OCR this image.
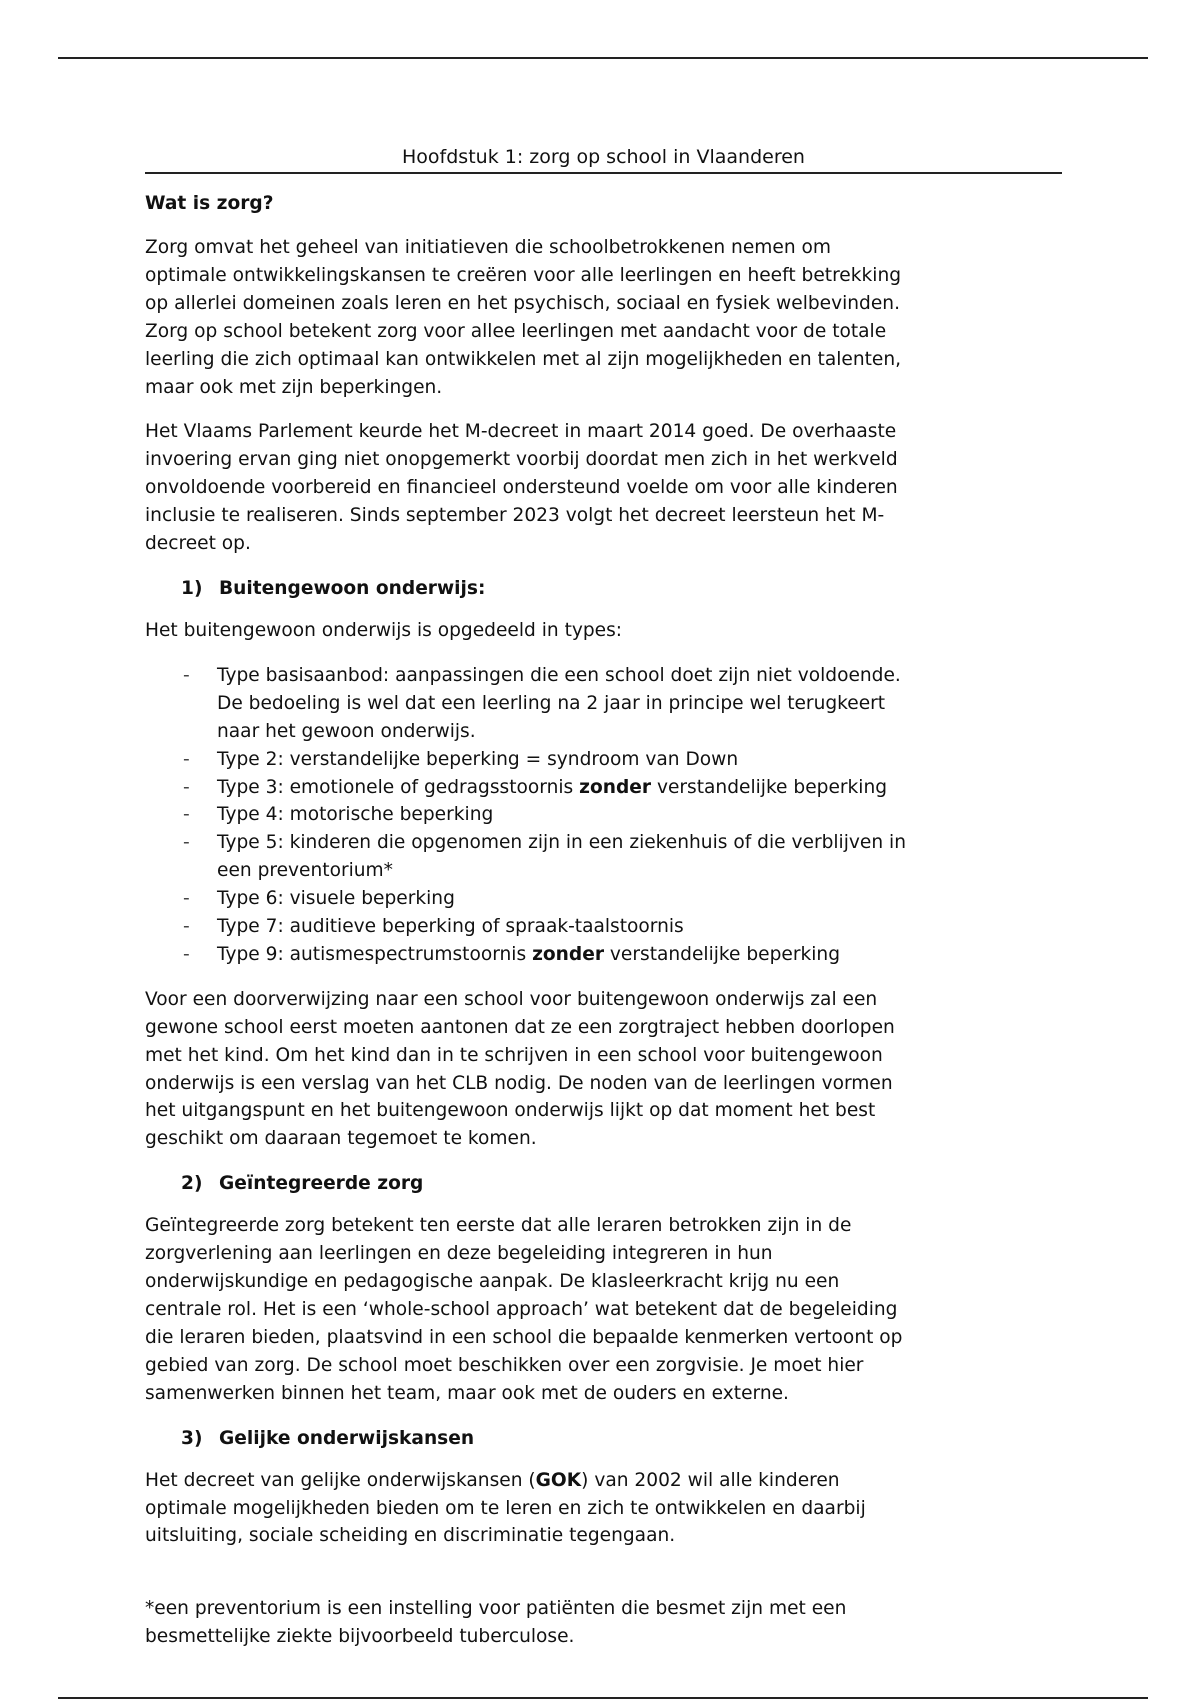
Hoofdstuk 1: zorg op school in Vlaanderen
Wat is zorg?

Zorg omvat het geheel van initiatieven die schoolbetrokkenen nemen om
optimale ontwikkelingskansen te creëren voor alle leerlingen en heeft betrekking
op allerlei domeinen zoals leren en het psychisch, sociaal en fysiek welbevinden.
Zorg op school betekent zorg voor allee leerlingen met aandacht voor de totale
leerling die zich optimaal kan ontwikkelen met al zijn mogelijkheden en talenten,
maar ook met zijn beperkingen.

Het Vlaams Parlement keurde het M-decreet in maart 2014 goed. De overhaaste
invoering ervan ging niet onopgemerkt voorbij doordat men zich in het werkveld
onvoldoende voorbereid en financieel ondersteund voelde om voor alle kinderen
inclusie te realiseren. Sinds september 2023 volgt het decreet leersteun het M-
decreet op.

1) Buitengewoon onderwijs:

Het buitengewoon onderwijs is opgedeeld in types:

-	Type basisaanbod: aanpassingen die een school doet zijn niet voldoende.
De bedoeling is wel dat een leerling na 2 jaar in principe wel terugkeert
naar het gewoon onderwijs.
-	Type 2: verstandelijke beperking = syndroom van Down
-	Type 3: emotionele of gedragsstoornis zonder verstandelijke beperking
-	Type 4: motorische beperking
-	Type 5: kinderen die opgenomen zijn in een ziekenhuis of die verblijven in
een preventorium*
-	Type 6: visuele beperking
-	Type 7: auditieve beperking of spraak-taalstoornis
-	Type 9: autismespectrumstoornis zonder verstandelijke beperking

Voor een doorverwijzing naar een school voor buitengewoon onderwijs zal een
gewone school eerst moeten aantonen dat ze een zorgtraject hebben doorlopen
met het kind. Om het kind dan in te schrijven in een school voor buitengewoon
onderwijs is een verslag van het CLB nodig. De noden van de leerlingen vormen
het uitgangspunt en het buitengewoon onderwijs lijkt op dat moment het best
geschikt om daaraan tegemoet te komen.

2) Geïntegreerde zorg

Geïntegreerde zorg betekent ten eerste dat alle leraren betrokken zijn in de
zorgverlening aan leerlingen en deze begeleiding integreren in hun
onderwijskundige en pedagogische aanpak. De klasleerkracht krijg nu een
centrale rol. Het is een ‘whole-school approach’ wat betekent dat de begeleiding
die leraren bieden, plaatsvind in een school die bepaalde kenmerken vertoont op
gebied van zorg. De school moet beschikken over een zorgvisie. Je moet hier
samenwerken binnen het team, maar ook met de ouders en externe.

3) Gelijke onderwijskansen

Het decreet van gelijke onderwijskansen (GOK) van 2002 wil alle kinderen
optimale mogelijkheden bieden om te leren en zich te ontwikkelen en daarbij
uitsluiting, sociale scheiding en discriminatie tegengaan.

*een preventorium is een instelling voor patiënten die besmet zijn met een
besmettelijke ziekte bijvoorbeeld tuberculose.
